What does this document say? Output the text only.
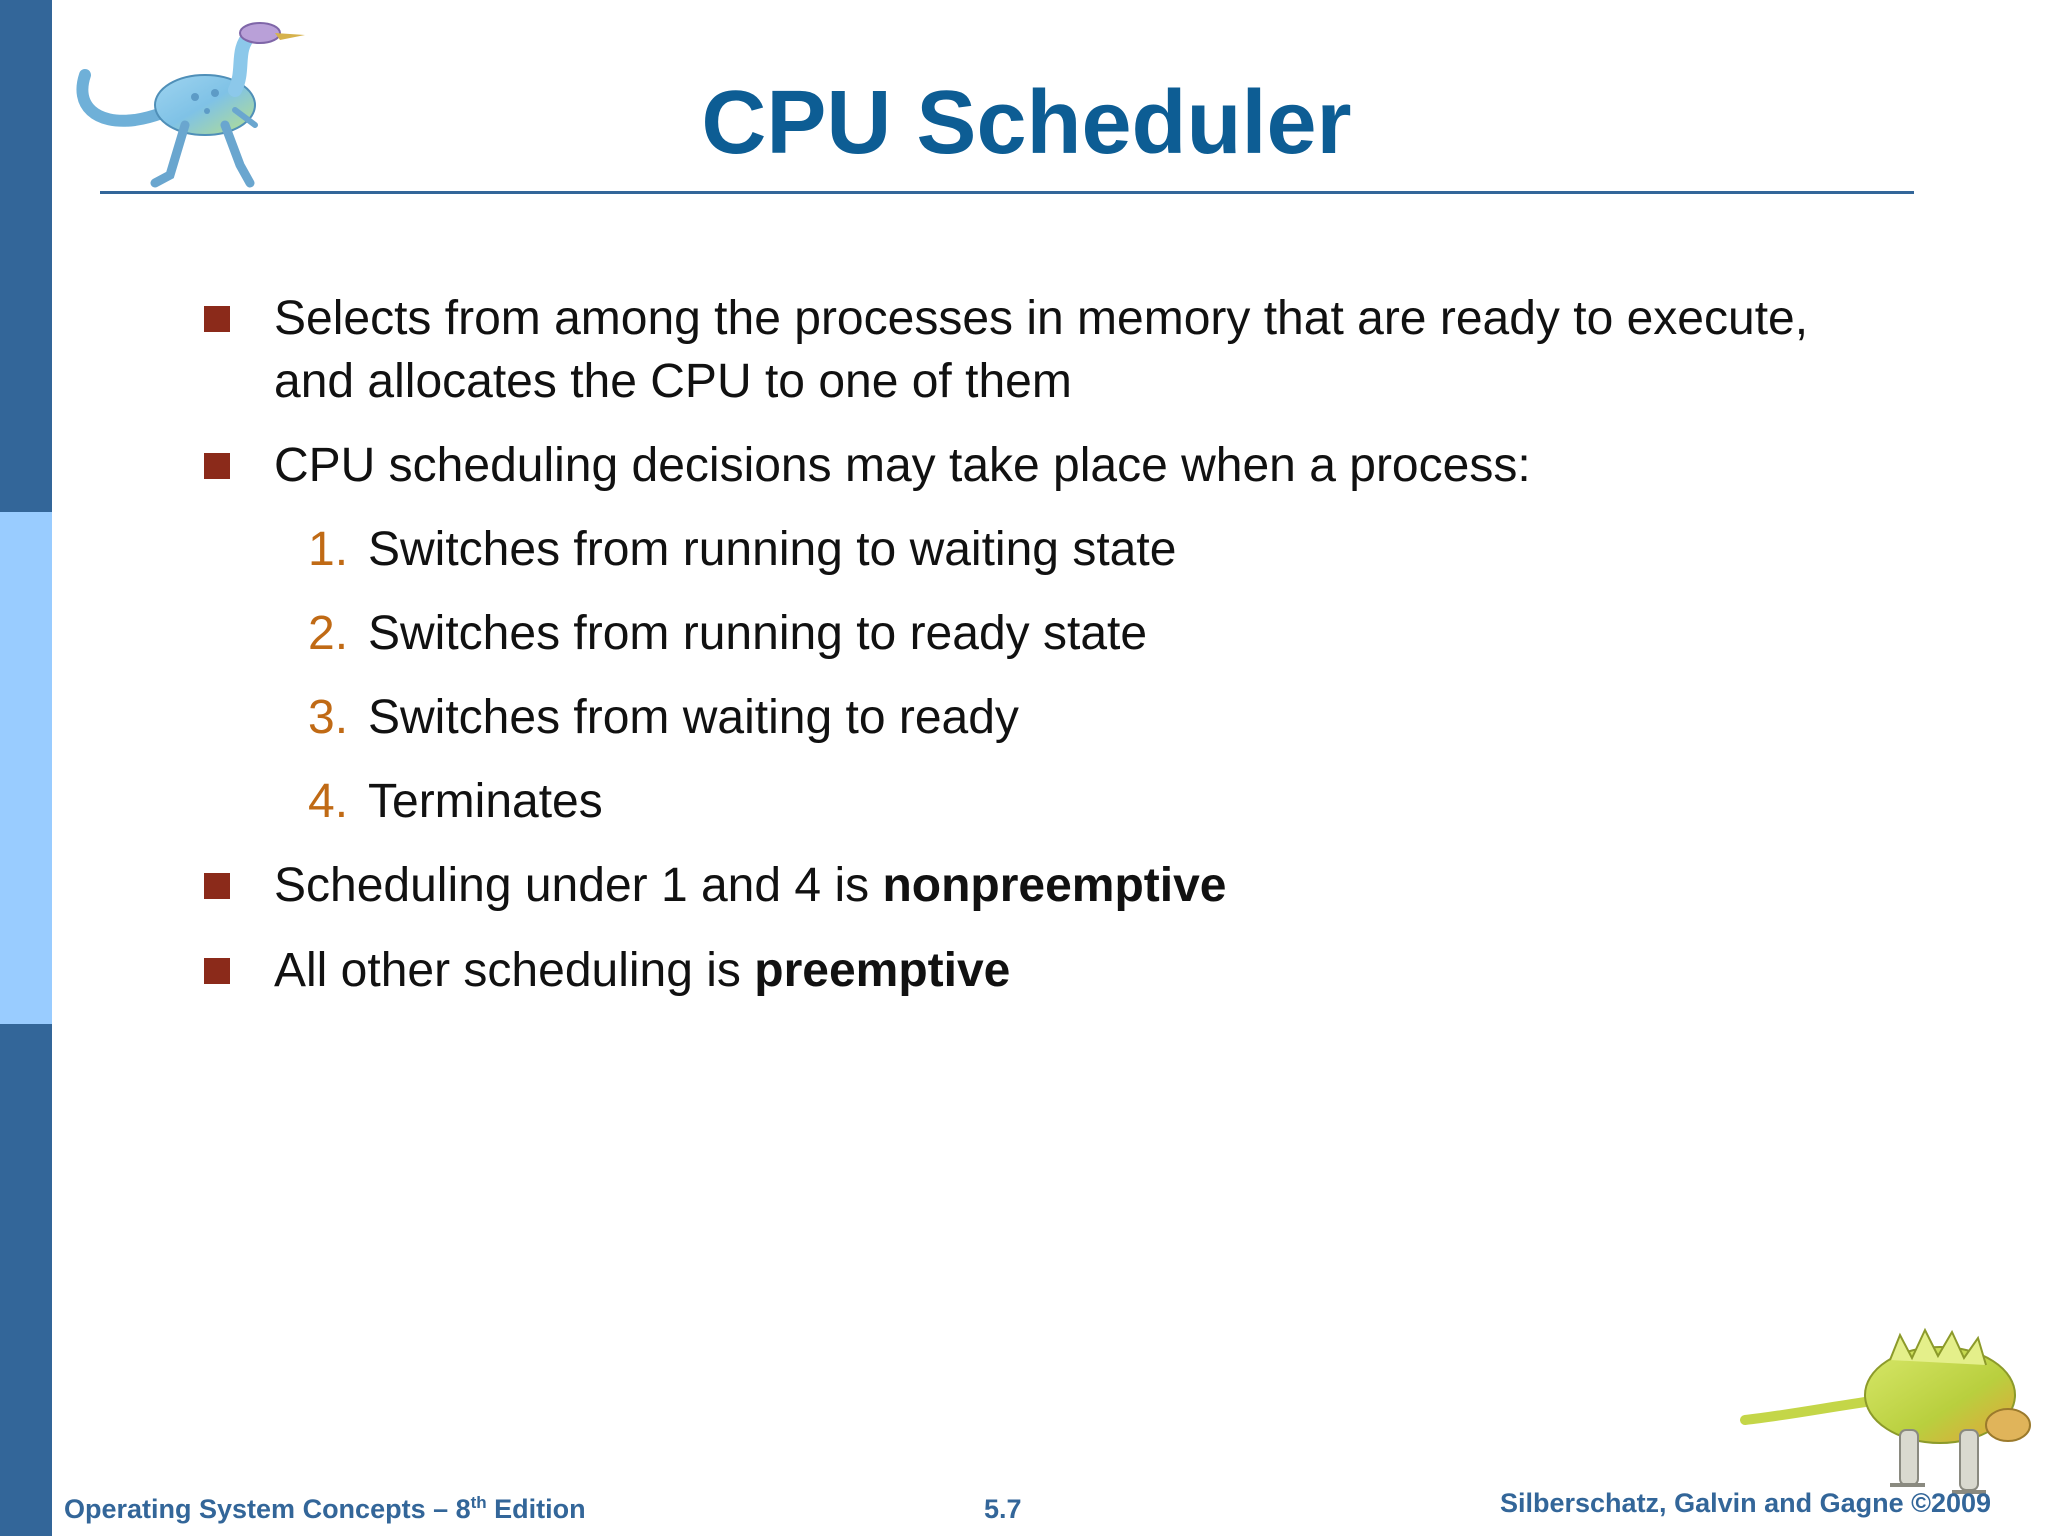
CPU Scheduler
Selects from among the processes in memory that are ready to execute,
and allocates the CPU to one of them
CPU scheduling decisions may take place when a process:
1. Switches from running to waiting state
2. Switches from running to ready state
3. Switches from waiting to ready
4. Terminates
Scheduling under 1 and 4 is nonpreemptive
All other scheduling is preemptive
Operating System Concepts – 8th Edition	5.7	Silberschatz, Galvin and Gagne ©2009
